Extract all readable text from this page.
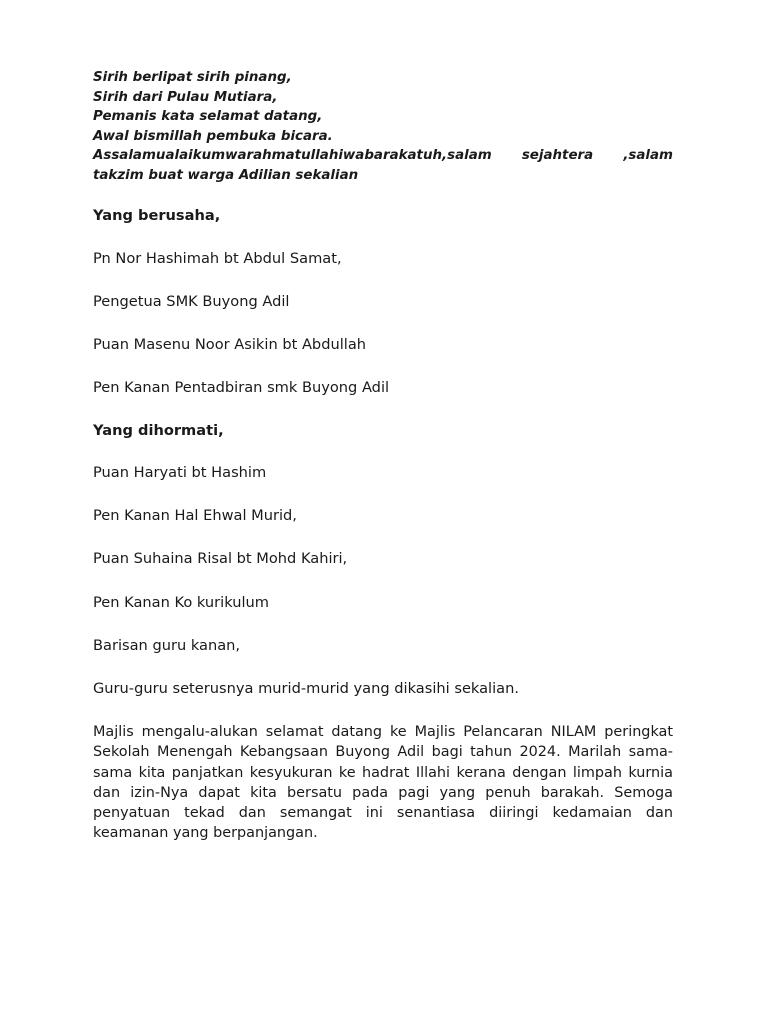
Sirih berlipat sirih pinang,
Sirih dari Pulau Mutiara,
Pemanis kata selamat datang,
Awal bismillah pembuka bicara.
Assalamualaikumwarahmatullahiwabarakatuh,salam sejahtera ,salam takzim buat warga Adilian sekalian

Yang berusaha,

Pn Nor Hashimah bt Abdul Samat,

Pengetua SMK Buyong Adil

Puan Masenu Noor Asikin bt Abdullah

Pen Kanan Pentadbiran smk Buyong Adil

Yang dihormati,

Puan Haryati bt Hashim

Pen Kanan Hal Ehwal Murid,

Puan Suhaina Risal bt Mohd Kahiri,

Pen Kanan Ko kurikulum

Barisan guru kanan,

Guru-guru seterusnya murid-murid yang dikasihi sekalian.

Majlis mengalu-alukan selamat datang ke Majlis Pelancaran NILAM peringkat Sekolah Menengah Kebangsaan Buyong Adil bagi tahun 2024. Marilah sama-sama kita panjatkan kesyukuran ke hadrat Illahi kerana dengan limpah kurnia dan izin-Nya dapat kita bersatu pada pagi yang penuh barakah. Semoga penyatuan tekad dan semangat ini senantiasa diiringi kedamaian dan keamanan yang berpanjangan.
